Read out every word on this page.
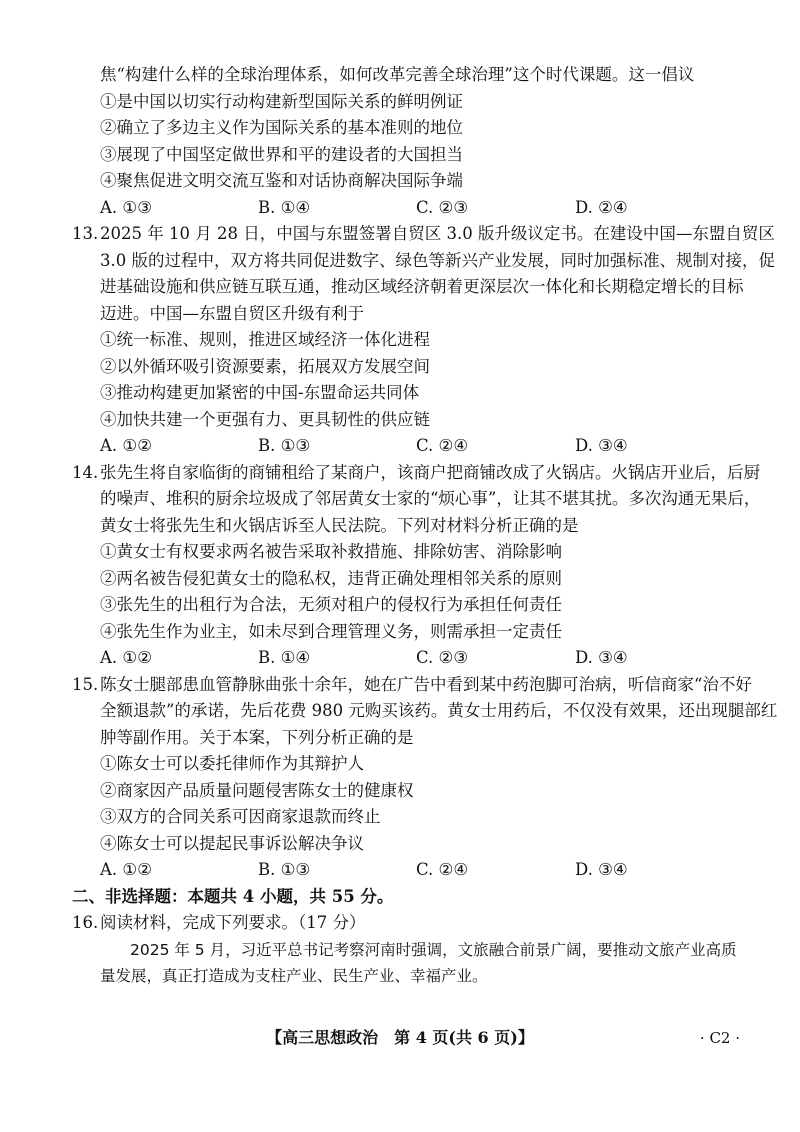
焦“构建什么样的全球治理体系，如何改革完善全球治理”这个时代课题。这一倡议
①是中国以切实行动构建新型国际关系的鲜明例证
②确立了多边主义作为国际关系的基本准则的地位
③展现了中国坚定做世界和平的建设者的大国担当
④聚焦促进文明交流互鉴和对话协商解决国际争端
A. ①③	B. ①④	C. ②③	D. ②④
13. 2025 年 10 月 28 日，中国与东盟签署自贸区 3.0 版升级议定书。在建设中国—东盟自贸区
3.0 版的过程中，双方将共同促进数字、绿色等新兴产业发展，同时加强标准、规制对接，促
进基础设施和供应链互联互通，推动区域经济朝着更深层次一体化和长期稳定增长的目标
迈进。中国—东盟自贸区升级有利于
①统一标准、规则，推进区域经济一体化进程
②以外循环吸引资源要素，拓展双方发展空间
③推动构建更加紧密的中国-东盟命运共同体
④加快共建一个更强有力、更具韧性的供应链
A. ①②	B. ①③	C. ②④	D. ③④
14. 张先生将自家临街的商铺租给了某商户，该商户把商铺改成了火锅店。火锅店开业后，后厨
的噪声、堆积的厨余垃圾成了邻居黄女士家的“烦心事”，让其不堪其扰。多次沟通无果后，
黄女士将张先生和火锅店诉至人民法院。下列对材料分析正确的是
①黄女士有权要求两名被告采取补救措施、排除妨害、消除影响
②两名被告侵犯黄女士的隐私权，违背正确处理相邻关系的原则
③张先生的出租行为合法，无须对租户的侵权行为承担任何责任
④张先生作为业主，如未尽到合理管理义务，则需承担一定责任
A. ①②	B. ①④	C. ②③	D. ③④
15. 陈女士腿部患血管静脉曲张十余年，她在广告中看到某中药泡脚可治病，听信商家“治不好
全额退款”的承诺，先后花费 980 元购买该药。黄女士用药后，不仅没有效果，还出现腿部红
肿等副作用。关于本案，下列分析正确的是
①陈女士可以委托律师作为其辩护人
②商家因产品质量问题侵害陈女士的健康权
③双方的合同关系可因商家退款而终止
④陈女士可以提起民事诉讼解决争议
A. ①②	B. ①③	C. ②④	D. ③④
二、非选择题：本题共 4 小题，共 55 分。
16. 阅读材料，完成下列要求。（17 分）
2025 年 5 月，习近平总书记考察河南时强调，文旅融合前景广阔，要推动文旅产业高质
量发展，真正打造成为支柱产业、民生产业、幸福产业。
【高三思想政治　第 4 页(共 6 页)】	· C2 ·
